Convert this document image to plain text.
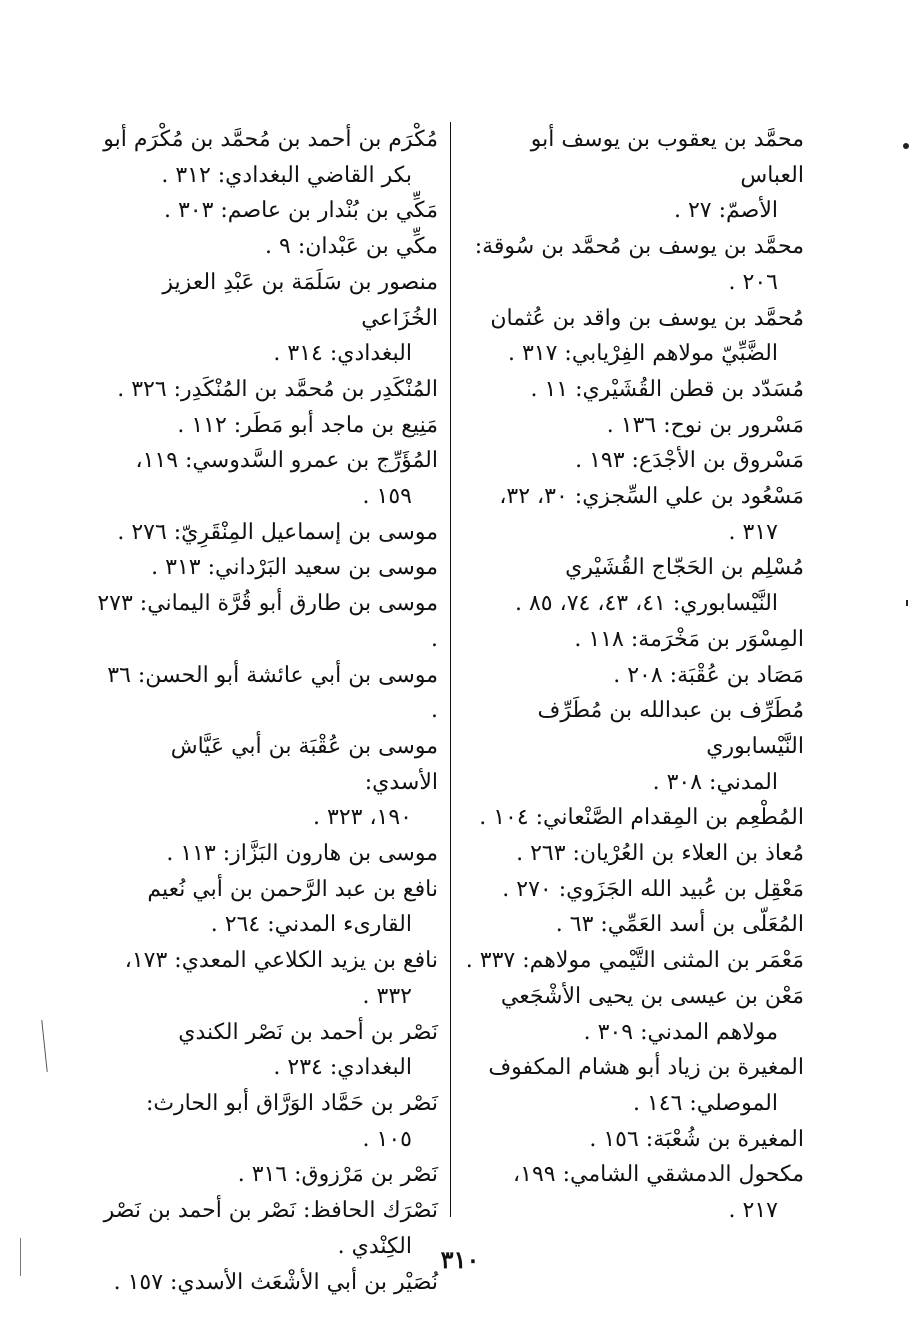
محمَّد بن يعقوب بن يوسف أبو العباس
الأصمّ: ٢٧ .
محمَّد بن يوسف بن مُحمَّد بن سُوقة:
٢٠٦ .
مُحمَّد بن يوسف بن واقد بن عُثمان
الضَّبِّيّ مولاهم الفِرْيابي: ٣١٧ .
مُسَدّد بن قطن القُشَيْري: ١١ .
مَسْرور بن نوح: ١٣٦ .
مَسْروق بن الأجْدَع: ١٩٣ .
مَسْعُود بن علي السِّجزي: ٣٠، ٣٢،
٣١٧ .
مُسْلِم بن الحَجّاج القُشَيْري
النَّيْسابوري: ٤١، ٤٣، ٧٤، ٨٥ .
المِسْوَر بن مَخْرَمة: ١١٨ .
مَصَاد بن عُقْبَة: ٢٠٨ .
مُطَرِّف بن عبدالله بن مُطَرِّف النَّيْسابوري
المدني: ٣٠٨ .
المُطْعِم بن المِقدام الصَّنْعاني: ١٠٤ .
مُعاذ بن العلاء بن العُرْيان: ٢٦٣ .
مَعْقِل بن عُبيد الله الجَزَوي: ٢٧٠ .
المُعَلّى بن أسد العَمِّي: ٦٣ .
مَعْمَر بن المثنى التَّيْمي مولاهم: ٣٣٧ .
مَعْن بن عيسى بن يحيى الأشْجَعي
مولاهم المدني: ٣٠٩ .
المغيرة بن زياد أبو هشام المكفوف
الموصلي: ١٤٦ .
المغيرة بن شُعْبَة: ١٥٦ .
مكحول الدمشقي الشامي: ١٩٩،
٢١٧ .
مُكْرَم بن أحمد بن مُحمَّد بن مُكْرَم أبو
بكر القاضي البغدادي: ٣١٢ .
مَكِّي بن بُنْدار بن عاصم: ٣٠٣ .
مكِّي بن عَبْدان: ٩ .
منصور بن سَلَمَة بن عَبْدِ العزيز الخُزَاعي
البغدادي: ٣١٤ .
المُنْكَدِر بن مُحمَّد بن المُنْكَدِر: ٣٢٦ .
مَنِيع بن ماجد أبو مَطَر: ١١٢ .
المُؤَرِّج بن عمرو السَّدوسي: ١١٩،
١٥٩ .
موسى بن إسماعيل المِنْقَرِيّ: ٢٧٦ .
موسى بن سعيد البَرْداني: ٣١٣ .
موسى بن طارق أبو قُرَّة اليماني: ٢٧٣ .
موسى بن أبي عائشة أبو الحسن: ٣٦ .
موسى بن عُقْبَة بن أبي عَيَّاش الأسدي:
١٩٠، ٣٢٣ .
موسى بن هارون البَزَّاز: ١١٣ .
نافع بن عبد الرَّحمن بن أبي نُعيم
القارىء المدني: ٢٦٤ .
نافع بن يزيد الكلاعي المعدي: ١٧٣،
٣٣٢ .
نَصْر بن أحمد بن نَصْر الكندي
البغدادي: ٢٣٤ .
نَصْر بن حَمَّاد الوَرَّاق أبو الحارث:
١٠٥ .
نَصْر بن مَرْزوق: ٣١٦ .
نَصْرَك الحافظ: نَصْر بن أحمد بن نَصْر
الكِنْدي .
نُصَيْر بن أبي الأشْعَث الأسدي: ١٥٧ .
٣١٠
